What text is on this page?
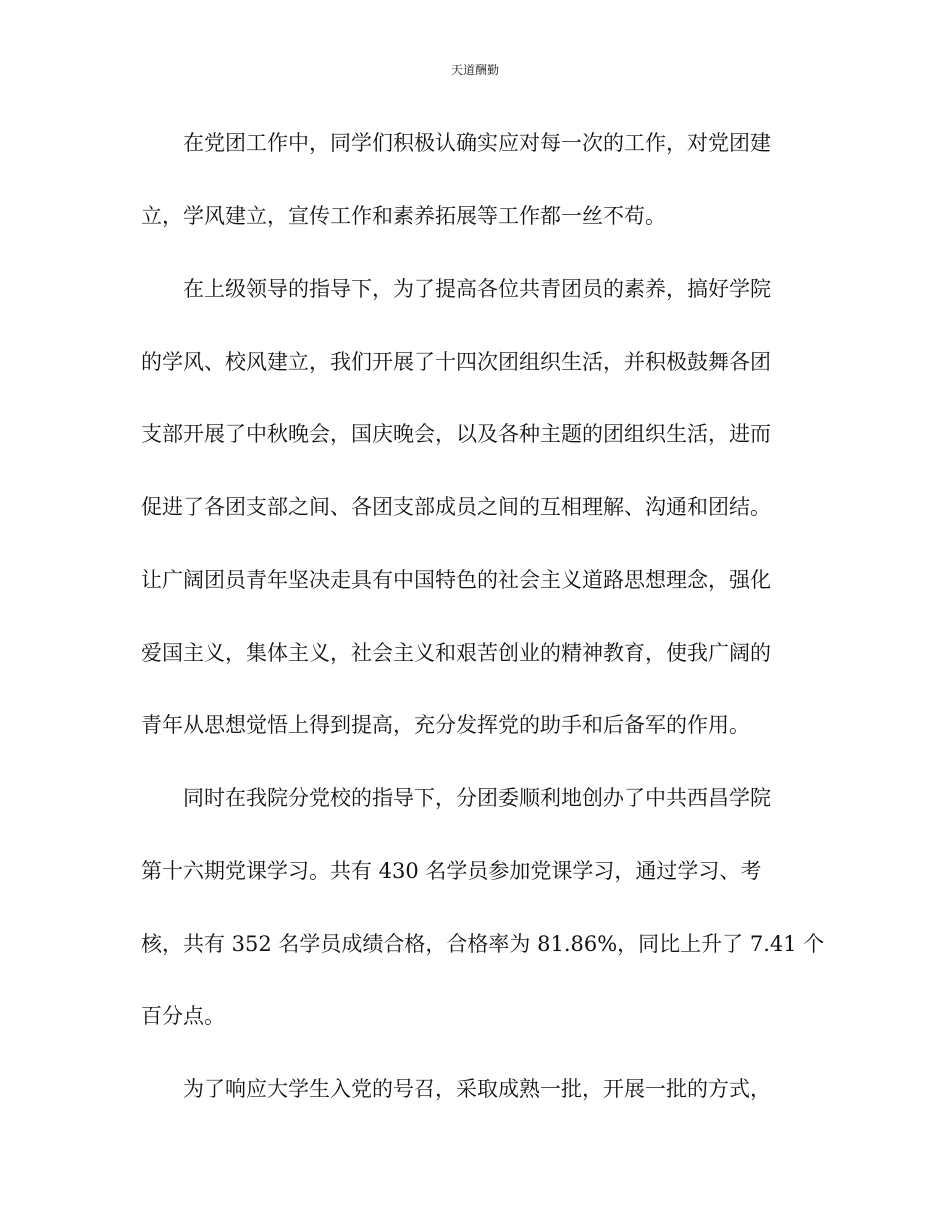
天道酬勤
在党团工作中，同学们积极认确实应对每一次的工作，对党团建
立，学风建立，宣传工作和素养拓展等工作都一丝不苟。
在上级领导的指导下，为了提高各位共青团员的素养，搞好学院
的学风、校风建立，我们开展了十四次团组织生活，并积极鼓舞各团
支部开展了中秋晚会，国庆晚会，以及各种主题的团组织生活，进而
促进了各团支部之间、各团支部成员之间的互相理解、沟通和团结。
让广阔团员青年坚决走具有中国特色的社会主义道路思想理念，强化
爱国主义，集体主义，社会主义和艰苦创业的精神教育，使我广阔的
青年从思想觉悟上得到提高，充分发挥党的助手和后备军的作用。
同时在我院分党校的指导下，分团委顺利地创办了中共西昌学院
第十六期党课学习。共有 430 名学员参加党课学习，通过学习、考
核，共有 352 名学员成绩合格，合格率为 81.86%，同比上升了 7.41 个
百分点。
为了响应大学生入党的号召，采取成熟一批，开展一批的方式，
